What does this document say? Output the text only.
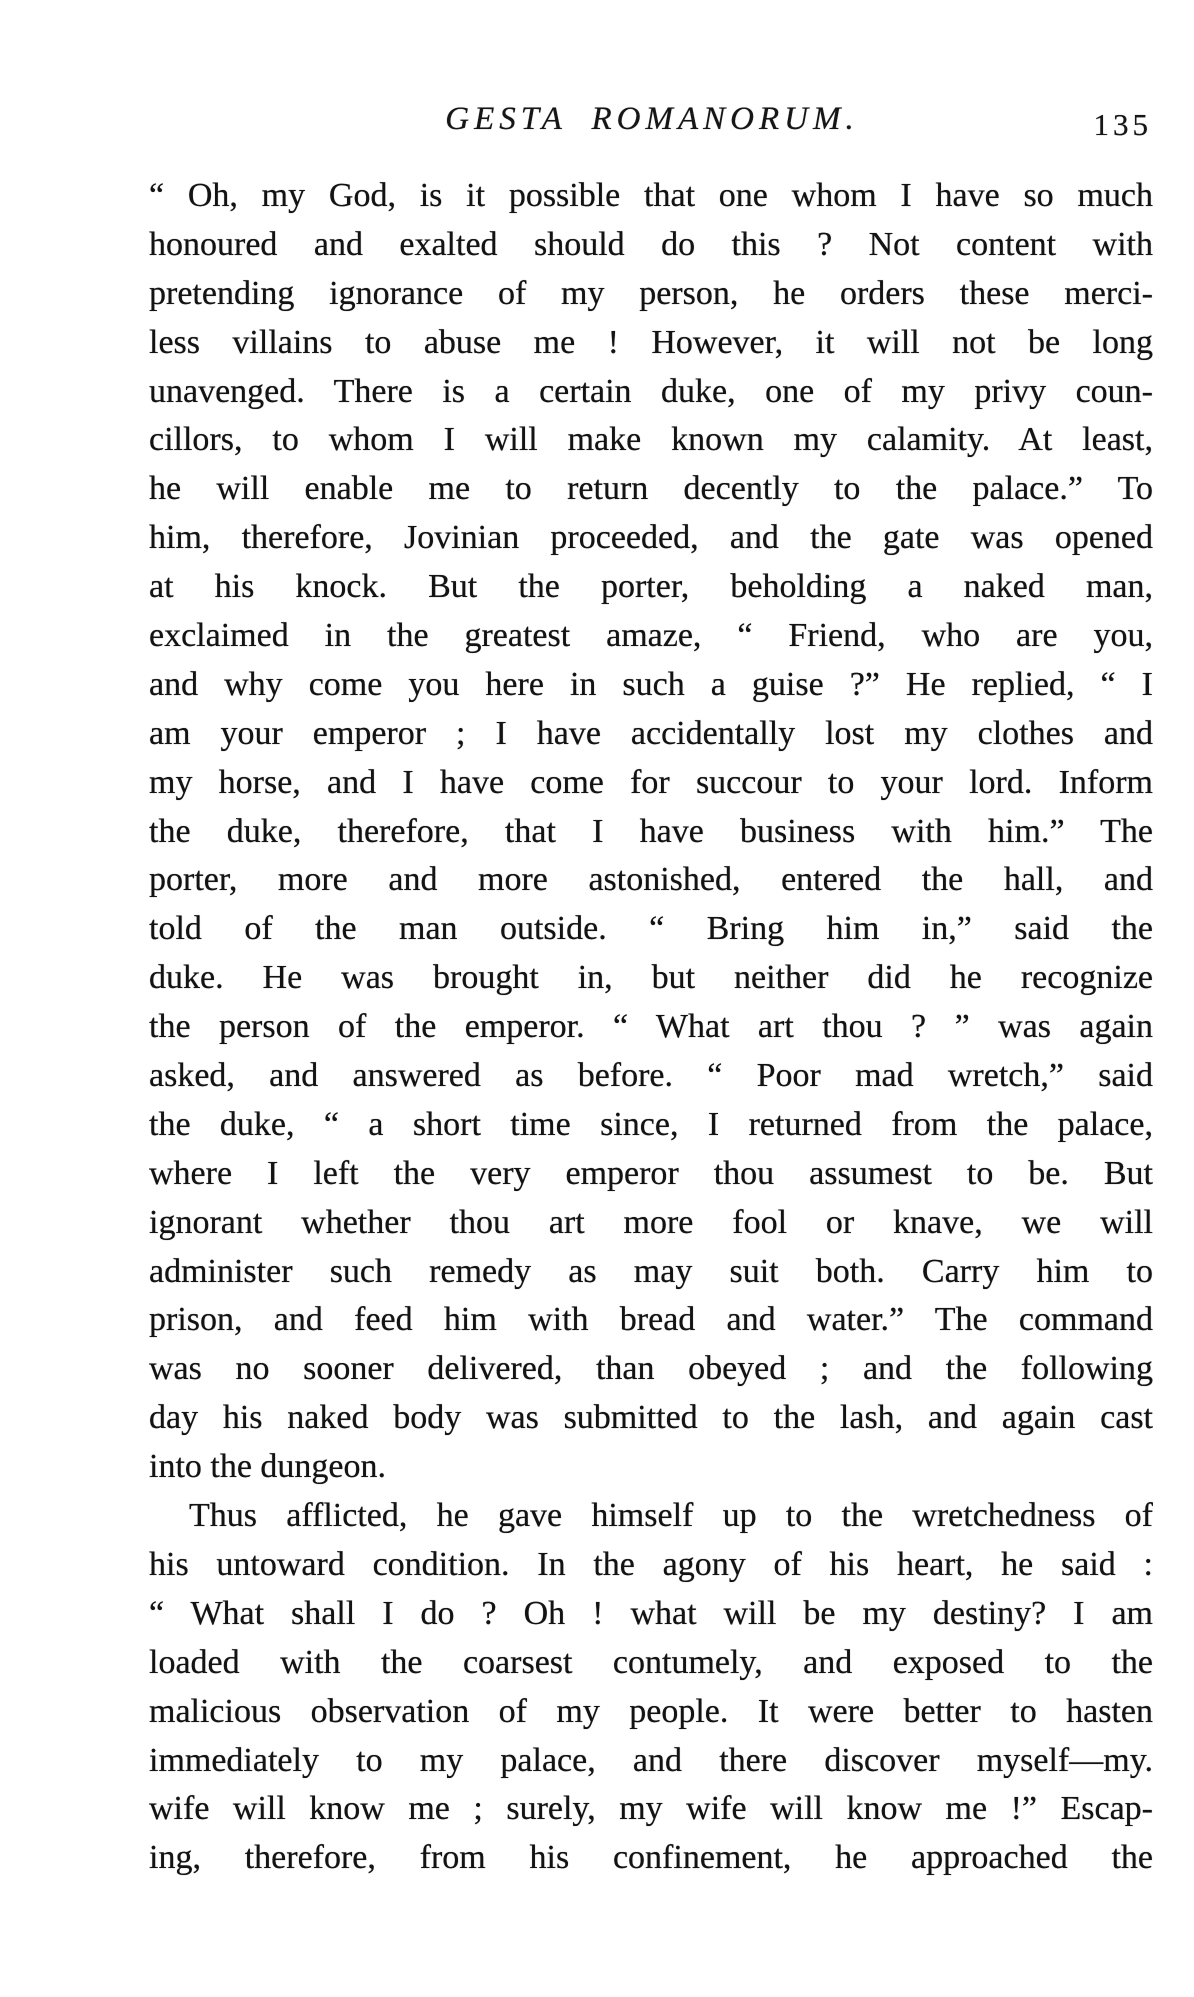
GESTA ROMANORUM.	135
“ Oh, my God, is it possible that one whom I have so much
honoured and exalted should do this ? Not content with
pretending ignorance of my person, he orders these merci-
less villains to abuse me ! However, it will not be long
unavenged. There is a certain duke, one of my privy coun-
cillors, to whom I will make known my calamity. At least,
he will enable me to return decently to the palace.” To
him, therefore, Jovinian proceeded, and the gate was opened
at his knock. But the porter, beholding a naked man,
exclaimed in the greatest amaze, “ Friend, who are you,
and why come you here in such a guise ?” He replied, “ I
am your emperor ; I have accidentally lost my clothes and
my horse, and I have come for succour to your lord. Inform
the duke, therefore, that I have business with him.” The
porter, more and more astonished, entered the hall, and
told of the man outside. “ Bring him in,” said the
duke. He was brought in, but neither did he recognize
the person of the emperor. “ What art thou ? ” was again
asked, and answered as before. “ Poor mad wretch,” said
the duke, “ a short time since, I returned from the palace,
where I left the very emperor thou assumest to be. But
ignorant whether thou art more fool or knave, we will
administer such remedy as may suit both. Carry him to
prison, and feed him with bread and water.” The command
was no sooner delivered, than obeyed ; and the following
day his naked body was submitted to the lash, and again cast
into the dungeon.
Thus afflicted, he gave himself up to the wretchedness of
his untoward condition. In the agony of his heart, he said :
“ What shall I do ? Oh ! what will be my destiny? I am
loaded with the coarsest contumely, and exposed to the
malicious observation of my people. It were better to hasten
immediately to my palace, and there discover myself—my.
wife will know me ; surely, my wife will know me !” Escap-
ing, therefore, from his confinement, he approached the
